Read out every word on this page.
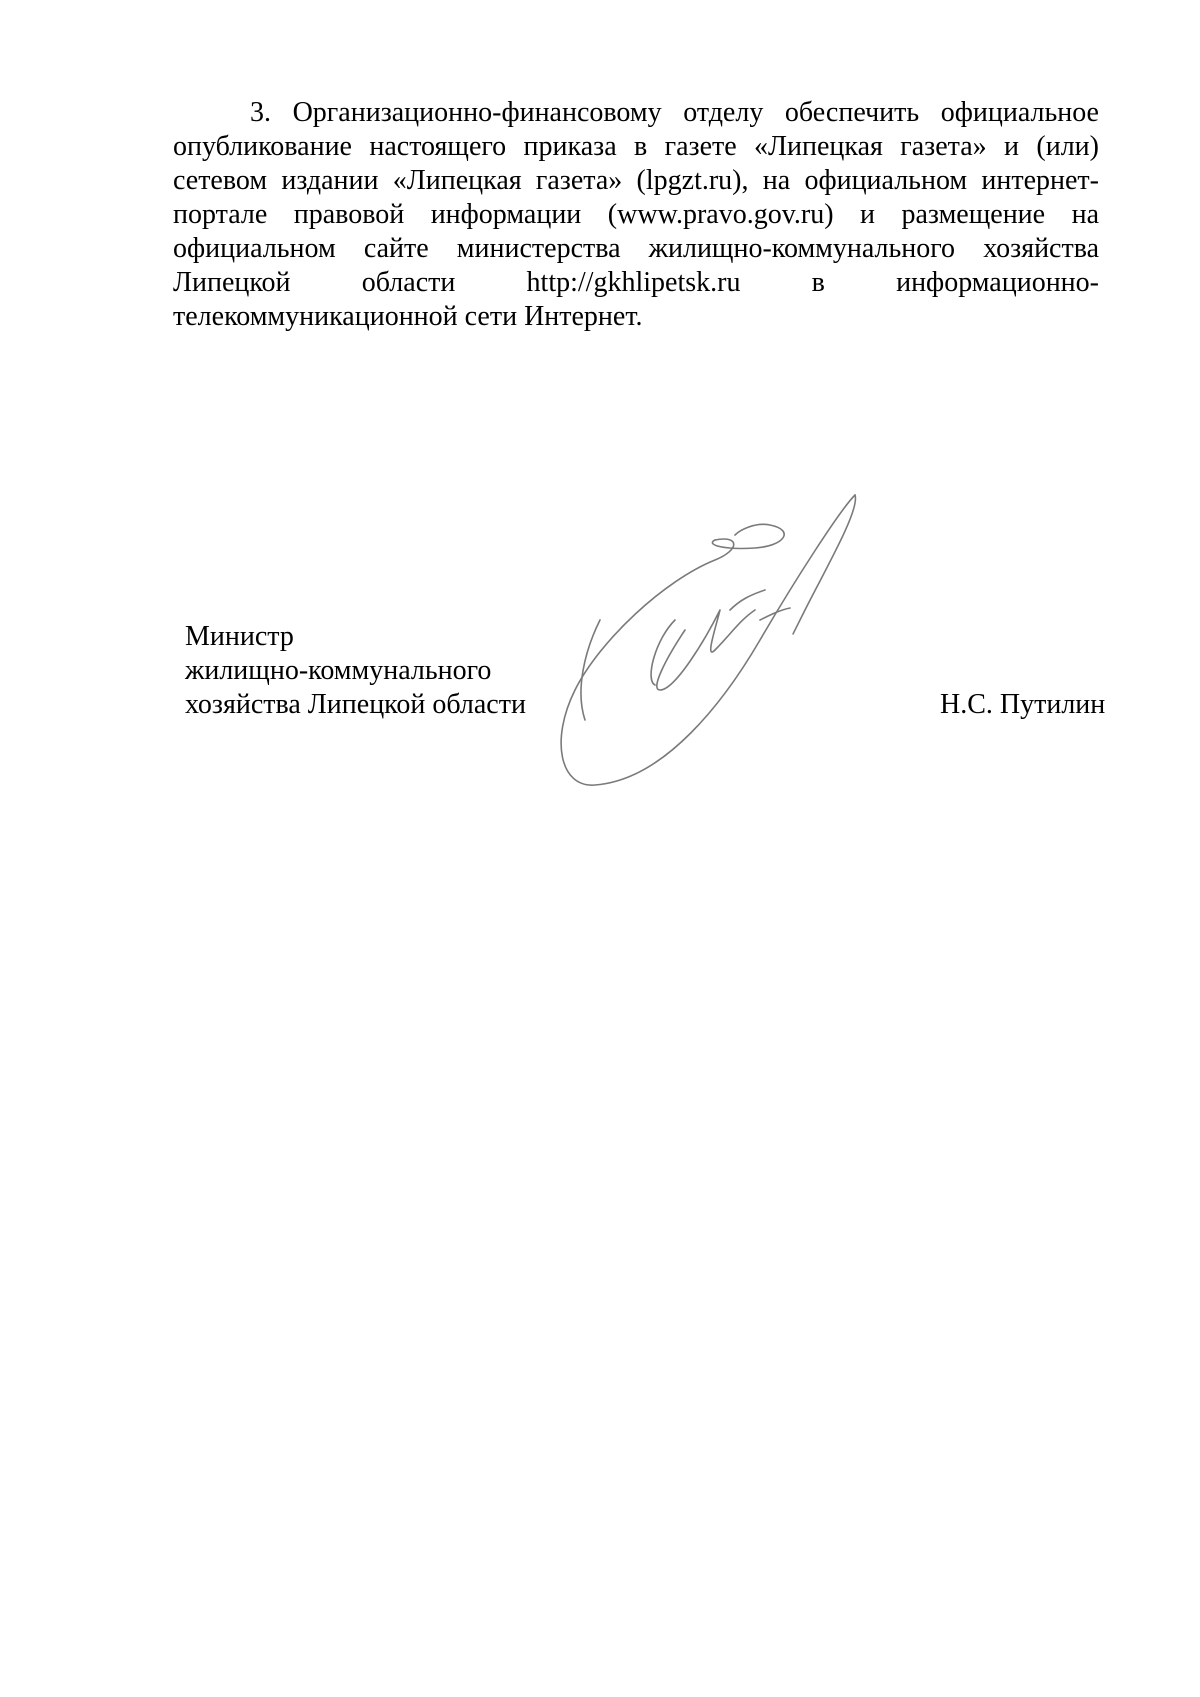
3. Организационно-финансовому отделу обеспечить официальное опубликование настоящего приказа в газете «Липецкая газета» и (или) сетевом издании «Липецкая газета» (lpgzt.ru), на официальном интернет-портале правовой информации (www.pravo.gov.ru) и размещение на официальном сайте министерства жилищно-коммунального хозяйства Липецкой области http://gkhlipetsk.ru в информационно-телекоммуникационной сети Интернет.

Министр
жилищно-коммунального
хозяйства Липецкой области	Н.С. Путилин
